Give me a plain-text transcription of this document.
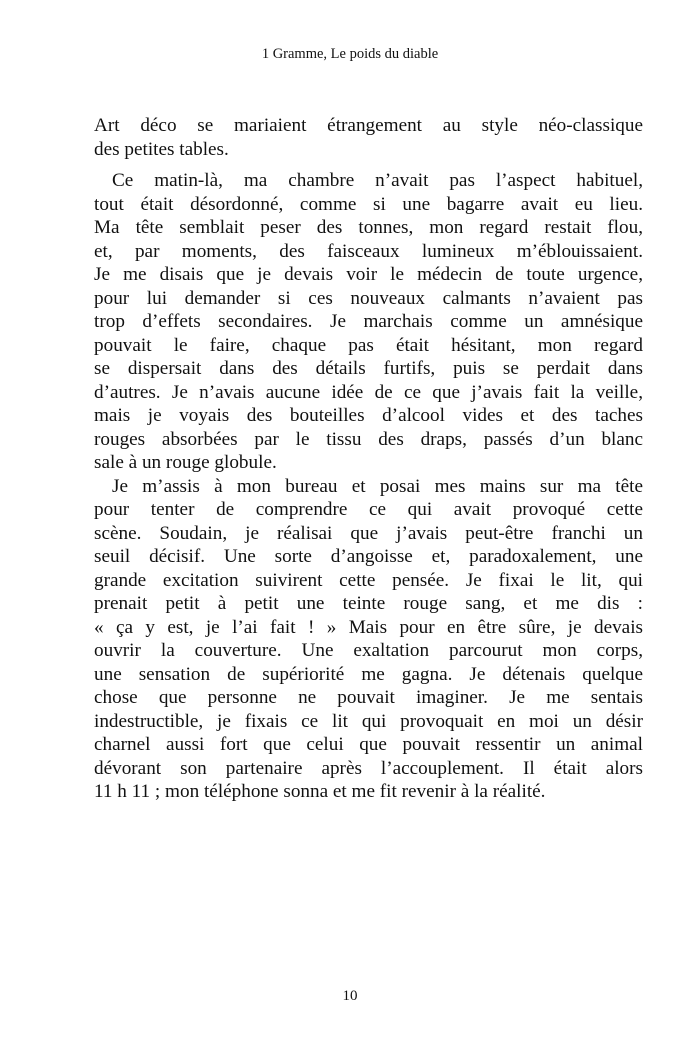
1 Gramme, Le poids du diable
Art déco se mariaient étrangement au style néo-classique
des petites tables.
Ce matin-là, ma chambre n’avait pas l’aspect habituel,
tout était désordonné, comme si une bagarre avait eu lieu.
Ma tête semblait peser des tonnes, mon regard restait flou,
et, par moments, des faisceaux lumineux m’éblouissaient.
Je me disais que je devais voir le médecin de toute urgence,
pour lui demander si ces nouveaux calmants n’avaient pas
trop d’effets secondaires. Je marchais comme un amnésique
pouvait le faire, chaque pas était hésitant, mon regard
se dispersait dans des détails furtifs, puis se perdait dans
d’autres. Je n’avais aucune idée de ce que j’avais fait la veille,
mais je voyais des bouteilles d’alcool vides et des taches
rouges absorbées par le tissu des draps, passés d’un blanc
sale à un rouge globule.
Je m’assis à mon bureau et posai mes mains sur ma tête
pour tenter de comprendre ce qui avait provoqué cette
scène. Soudain, je réalisai que j’avais peut-être franchi un
seuil décisif. Une sorte d’angoisse et, paradoxalement, une
grande excitation suivirent cette pensée. Je fixai le lit, qui
prenait petit à petit une teinte rouge sang, et me dis :
« ça y est, je l’ai fait ! » Mais pour en être sûre, je devais
ouvrir la couverture. Une exaltation parcourut mon corps,
une sensation de supériorité me gagna. Je détenais quelque
chose que personne ne pouvait imaginer. Je me sentais
indestructible, je fixais ce lit qui provoquait en moi un désir
charnel aussi fort que celui que pouvait ressentir un animal
dévorant son partenaire après l’accouplement. Il était alors
11 h 11 ; mon téléphone sonna et me fit revenir à la réalité.
10
